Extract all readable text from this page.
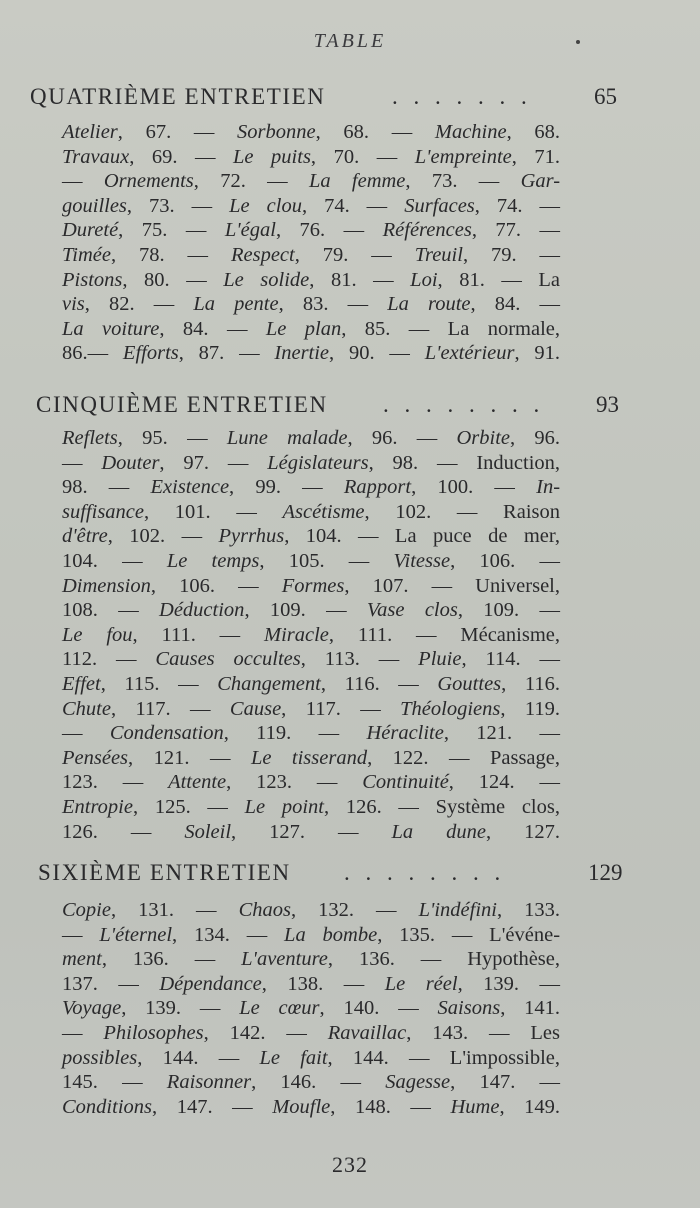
TABLE
QUATRIÈME ENTRETIEN	. . . . . . .	65
Atelier, 67. — Sorbonne, 68. — Machine, 68.
Travaux, 69. — Le puits, 70. — L'empreinte, 71.
— Ornements, 72. — La femme, 73. — Gar-
gouilles, 73. — Le clou, 74. — Surfaces, 74. —
Dureté, 75. — L'égal, 76. — Références, 77. —
Timée, 78. — Respect, 79. — Treuil, 79. —
Pistons, 80. — Le solide, 81. — Loi, 81. — La
vis, 82. — La pente, 83. — La route, 84. —
La voiture, 84. — Le plan, 85. — La normale,
86.— Efforts, 87. — Inertie, 90. — L'extérieur, 91.
CINQUIÈME ENTRETIEN . . . . . . . . 93
Reflets, 95. — Lune malade, 96. — Orbite, 96.
— Douter, 97. — Législateurs, 98. — Induction,
98. — Existence, 99. — Rapport, 100. — In-
suffisance, 101. — Ascétisme, 102. — Raison
d'être, 102. — Pyrrhus, 104. — La puce de mer,
104. — Le temps, 105. — Vitesse, 106. —
Dimension, 106. — Formes, 107. — Universel,
108. — Déduction, 109. — Vase clos, 109. —
Le fou, 111. — Miracle, 111. — Mécanisme,
112. — Causes occultes, 113. — Pluie, 114. —
Effet, 115. — Changement, 116. — Gouttes, 116.
Chute, 117. — Cause, 117. — Théologiens, 119.
— Condensation, 119. — Héraclite, 121. —
Pensées, 121. — Le tisserand, 122. — Passage,
123. — Attente, 123. — Continuité, 124. —
Entropie, 125. — Le point, 126. — Système clos,
126. — Soleil, 127. — La dune, 127.
SIXIÈME ENTRETIEN . . . . . . . .	129
Copie, 131. — Chaos, 132. — L'indéfini, 133.
— L'éternel, 134. — La bombe, 135. — L'événe-
ment, 136. — L'aventure, 136. — Hypothèse,
137. — Dépendance, 138. — Le réel, 139. —
Voyage, 139. — Le cœur, 140. — Saisons, 141.
— Philosophes, 142. — Ravaillac, 143. — Les
possibles, 144. — Le fait, 144. — L'impossible,
145. — Raisonner, 146. — Sagesse, 147. —
Conditions, 147. — Moufle, 148. — Hume, 149.
232
